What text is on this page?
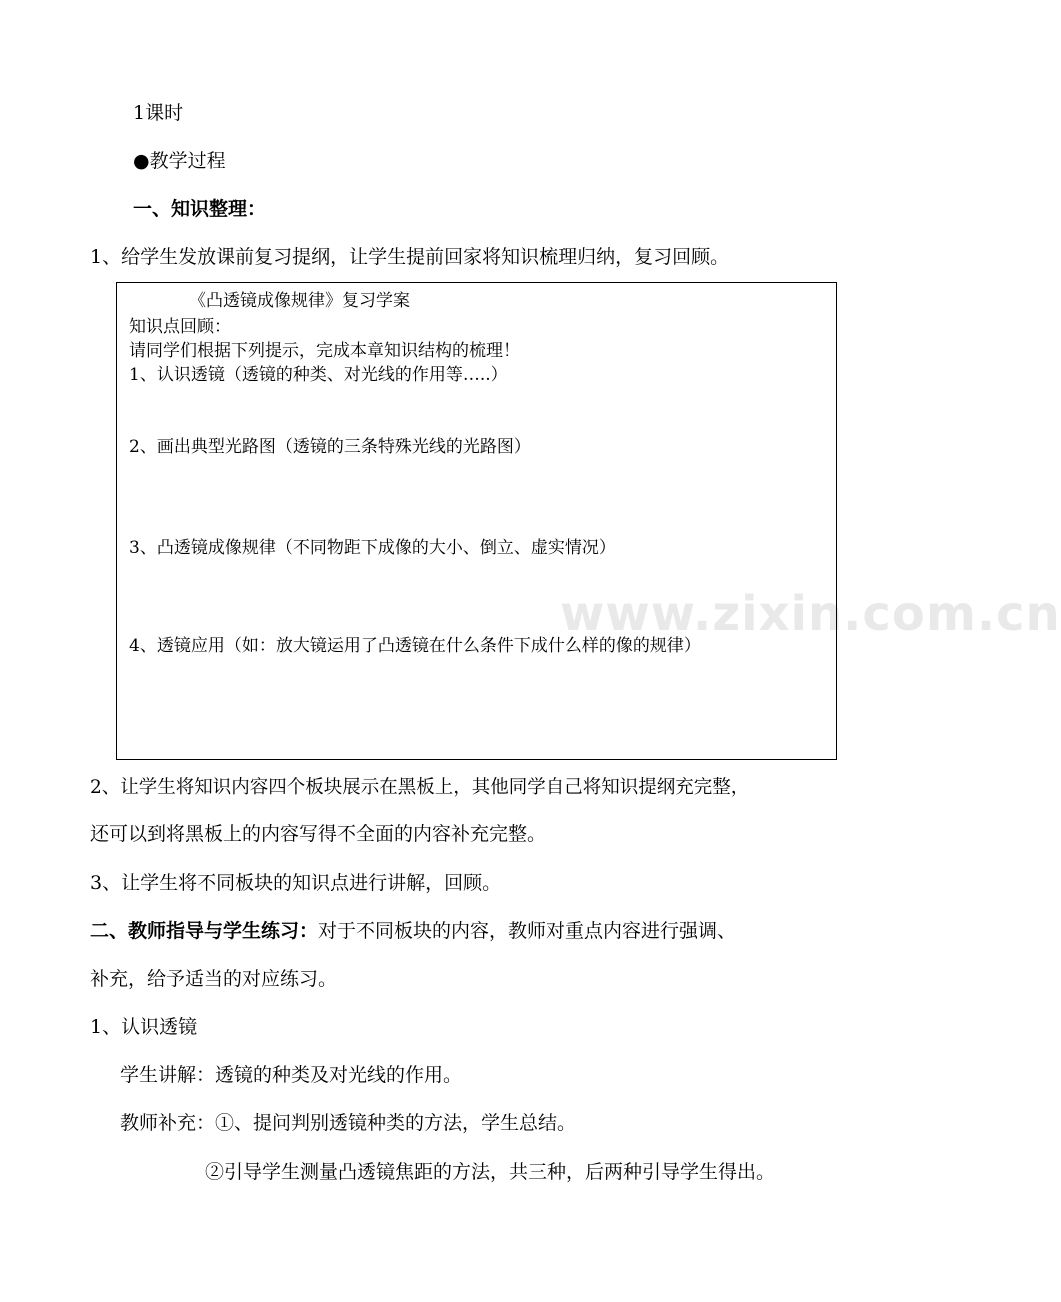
www.zixin.com.cn
1课时
●教学过程
一、知识整理：
1、给学生发放课前复习提纲，让学生提前回家将知识梳理归纳，复习回顾。
《凸透镜成像规律》复习学案
知识点回顾：
请同学们根据下列提示，完成本章知识结构的梳理！
1、认识透镜（透镜的种类、对光线的作用等…..）
2、画出典型光路图（透镜的三条特殊光线的光路图）
3、凸透镜成像规律（不同物距下成像的大小、倒立、虚实情况）
4、透镜应用（如：放大镜运用了凸透镜在什么条件下成什么样的像的规律）
2、让学生将知识内容四个板块展示在黑板上，其他同学自己将知识提纲充完整，
还可以到将黑板上的内容写得不全面的内容补充完整。
3、让学生将不同板块的知识点进行讲解，回顾。
二、教师指导与学生练习：对于不同板块的内容，教师对重点内容进行强调、
补充，给予适当的对应练习。
1、认识透镜
学生讲解：透镜的种类及对光线的作用。
教师补充：①、提问判别透镜种类的方法，学生总结。
②引导学生测量凸透镜焦距的方法，共三种，后两种引导学生得出。
